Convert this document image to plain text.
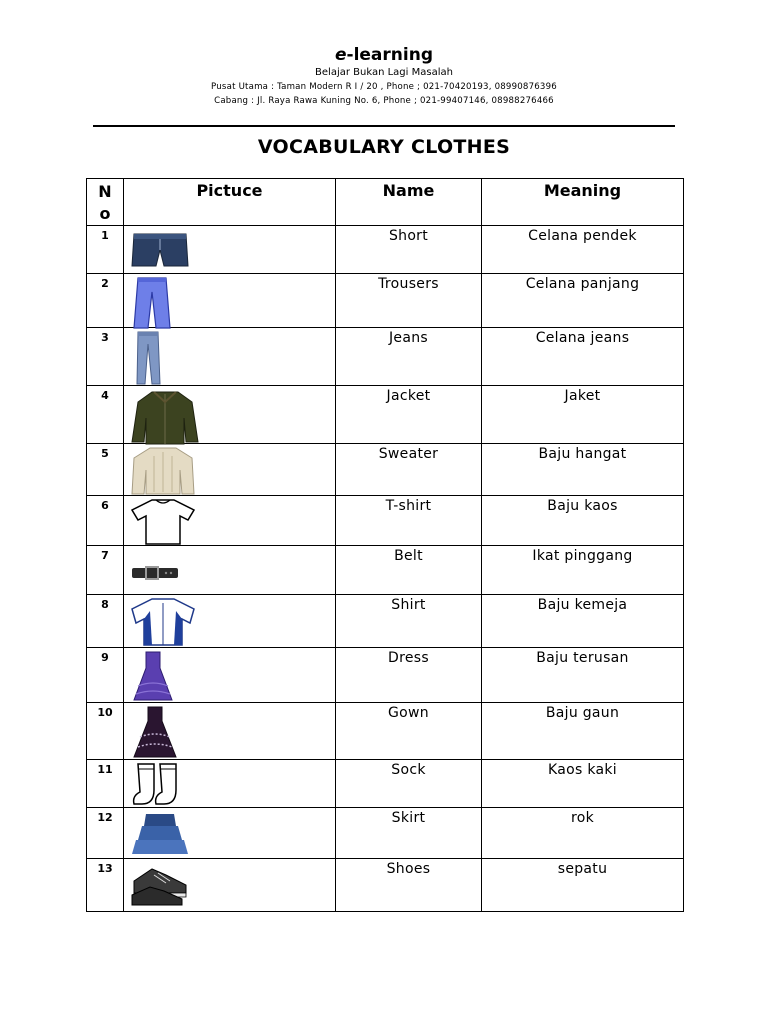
e-learning
Belajar Bukan Lagi Masalah
Pusat Utama : Taman Modern R I / 20 , Phone ; 021-70420193, 08990876396
Cabang : Jl. Raya Rawa Kuning No. 6, Phone ; 021-99407146, 08988276466
VOCABULARY CLOTHES
N
o	Pictuce	Name	Meaning
1		Short	Celana pendek
2		Trousers	Celana panjang
3		Jeans	Celana jeans
4		Jacket	Jaket
5		Sweater	Baju hangat
6		T-shirt	Baju kaos
7		Belt	Ikat pinggang
8		Shirt	Baju kemeja
9		Dress	Baju terusan
10		Gown	Baju gaun
11		Sock	Kaos kaki
12		Skirt	rok
13		Shoes	sepatu
